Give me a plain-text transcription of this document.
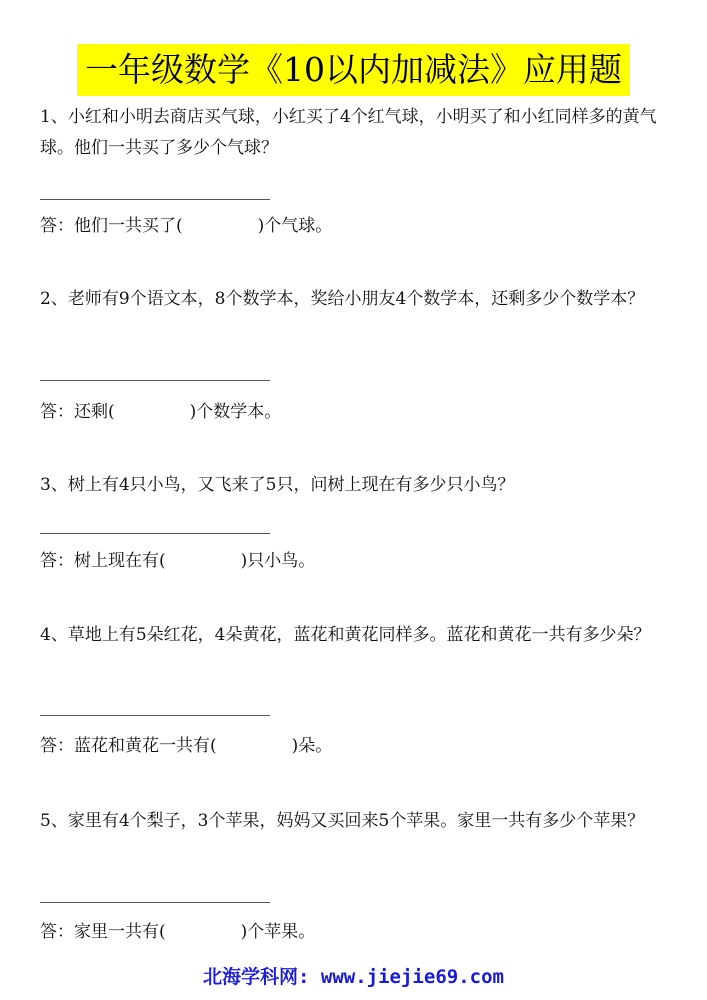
一年级数学《10以内加减法》应用题

1、小红和小明去商店买气球，小红买了4个红气球，小明买了和小红同样多的黄气球。他们一共买了多少个气球？

答：他们一共买了(	)个气球。

2、老师有9个语文本，8个数学本，奖给小朋友4个数学本，还剩多少个数学本？

答：还剩(	)个数学本。

3、树上有4只小鸟，又飞来了5只，问树上现在有多少只小鸟？

答：树上现在有(	)只小鸟。

4、草地上有5朵红花，4朵黄花，蓝花和黄花同样多。蓝花和黄花一共有多少朵？

答：蓝花和黄花一共有(	)朵。

5、家里有4个梨子，3个苹果，妈妈又买回来5个苹果。家里一共有多少个苹果？

答：家里一共有(	)个苹果。
北海学科网: www.jiejie69.com
